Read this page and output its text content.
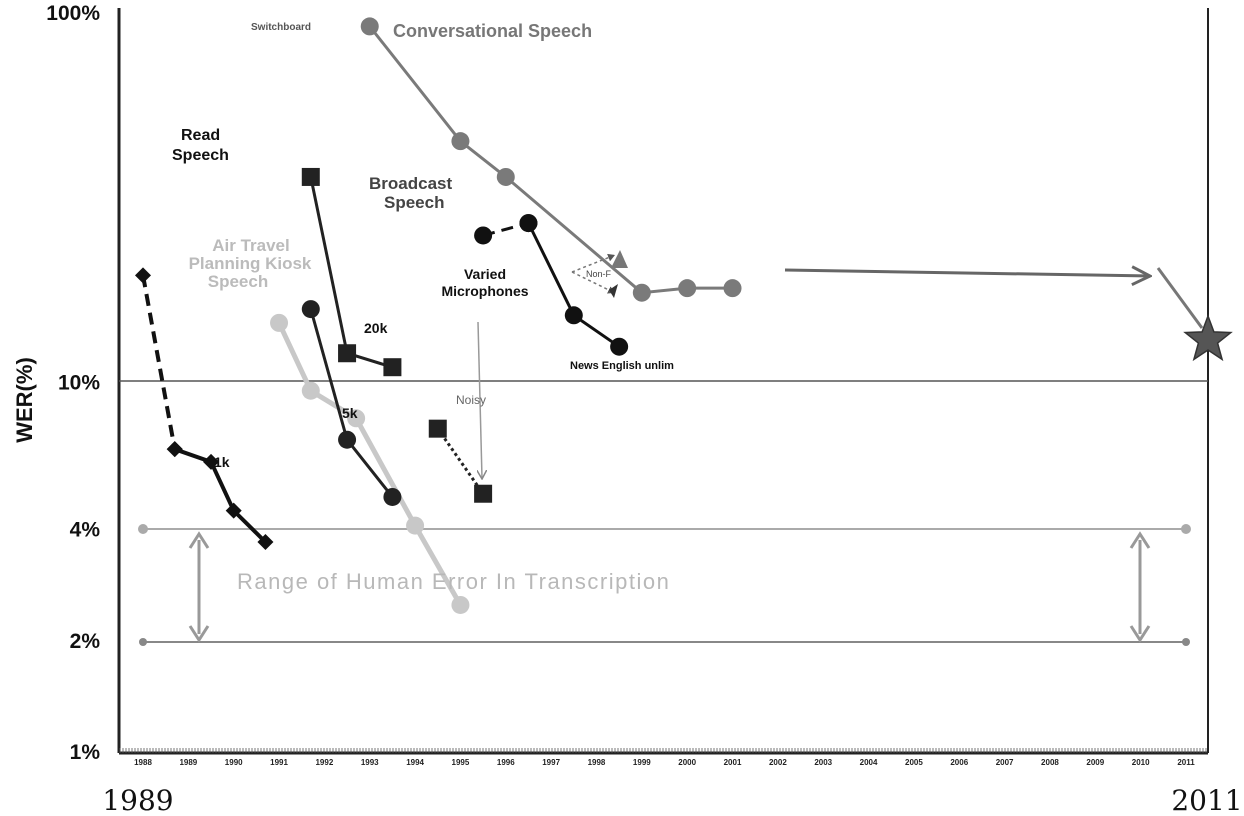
100%
10%
4%
2%
1%	1988	1989	1990	1991	1992	1993	1994	1995	1996	1997	1998	1999	2000	2001	2002	2003	2004	2005	2006	2007	2008	2009	2010	2011
WER(%)
1989	2011
Switchboard	Conversational Speech
Read
Speech
Air Travel
Planning Kiosk
Speech
Broadcast
Speech
Varied
Microphones
20k
5k
1k
Noisy
Non-F
News English unlim
Range of Human Error In Transcription
